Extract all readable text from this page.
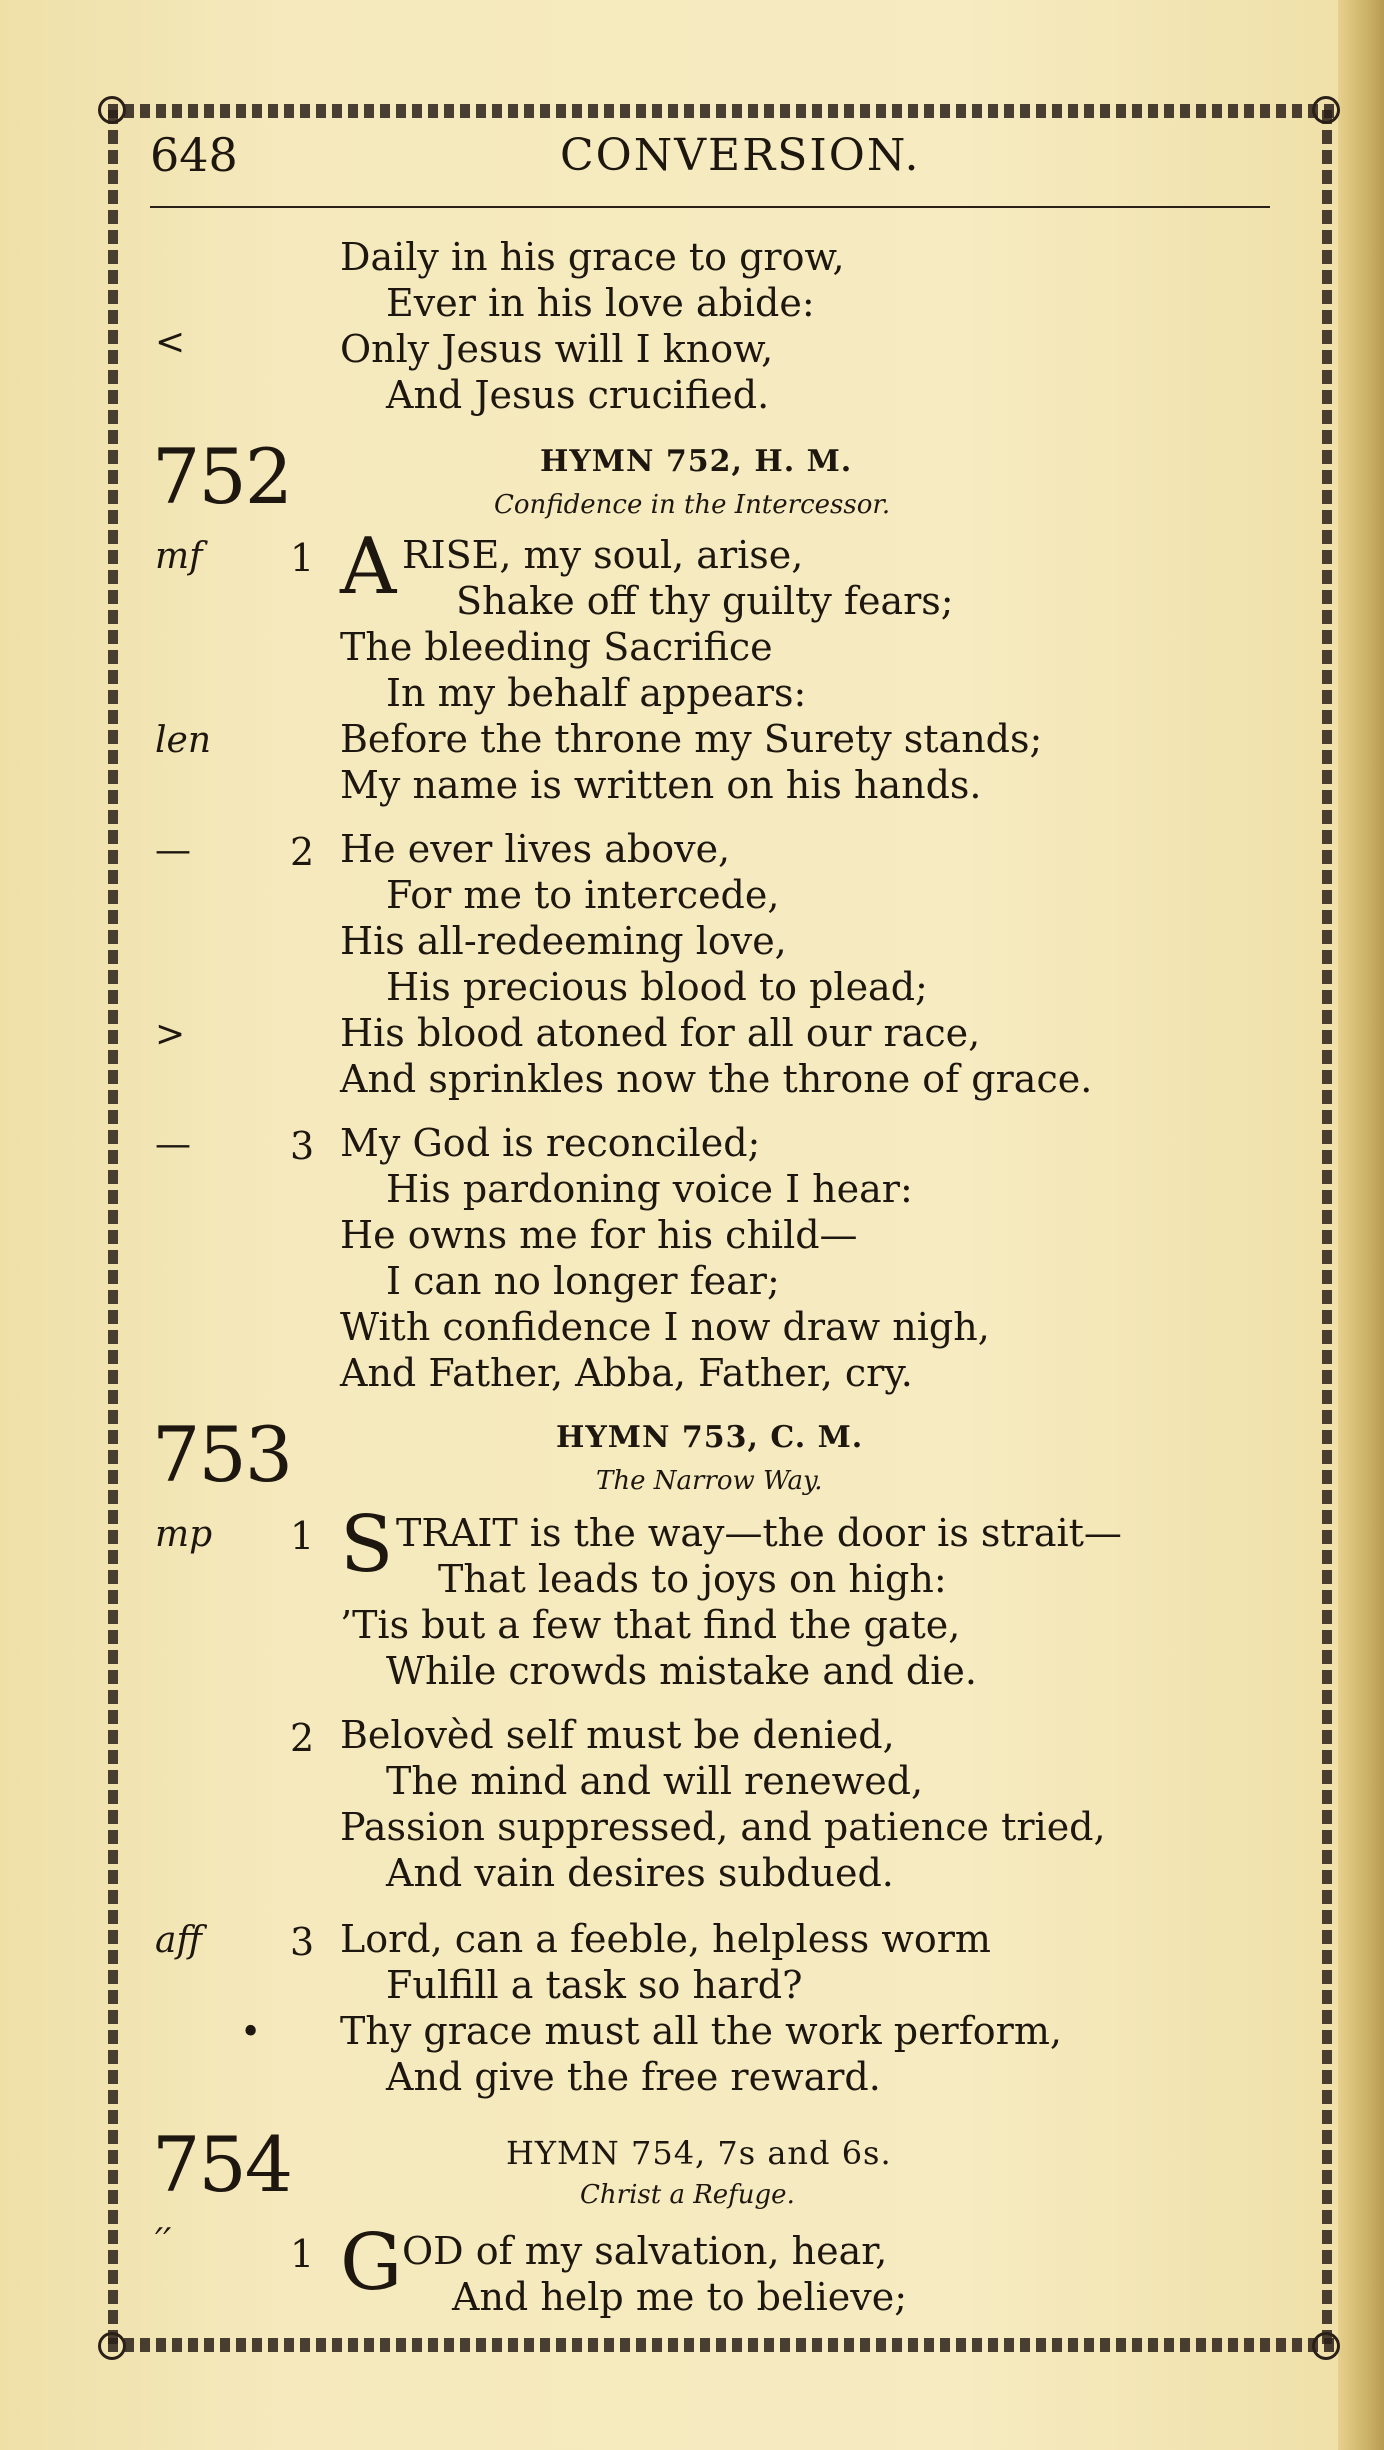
648	CONVERSION.
<
Daily in his grace to grow,
Ever in his love abide:
Only Jesus will I know,
And Jesus crucified.
752	HYMN 752, H. M.
Confidence in the Intercessor.
mf 1 A RISE, my soul, arise,
Shake off thy guilty fears;
The bleeding Sacrifice
In my behalf appears:
len	Before the throne my Surety stands;
My name is written on his hands.
—	2 He ever lives above,
For me to intercede,
His all-redeeming love,
His precious blood to plead;
>	His blood atoned for all our race,
And sprinkles now the throne of grace.
—	3 My God is reconciled;
His pardoning voice I hear:
He owns me for his child—
I can no longer fear;
With confidence I now draw nigh,
And Father, Abba, Father, cry.
753	HYMN 753, C. M.
The Narrow Way.
mp 1 S TRAIT is the way—the door is strait—
That leads to joys on high:
’Tis but a few that find the gate,
While crowds mistake and die.
2 Belovèd self must be denied,
The mind and will renewed,
Passion suppressed, and patience tried,
And vain desires subdued.
aff 3 Lord, can a feeble, helpless worm
Fulfill a task so hard?
• Thy grace must all the work perform,
And give the free reward.
754	HYMN 754, 7s and 6s.
Christ a Refuge.
′′	1 G OD of my salvation, hear,
And help me to believe;
